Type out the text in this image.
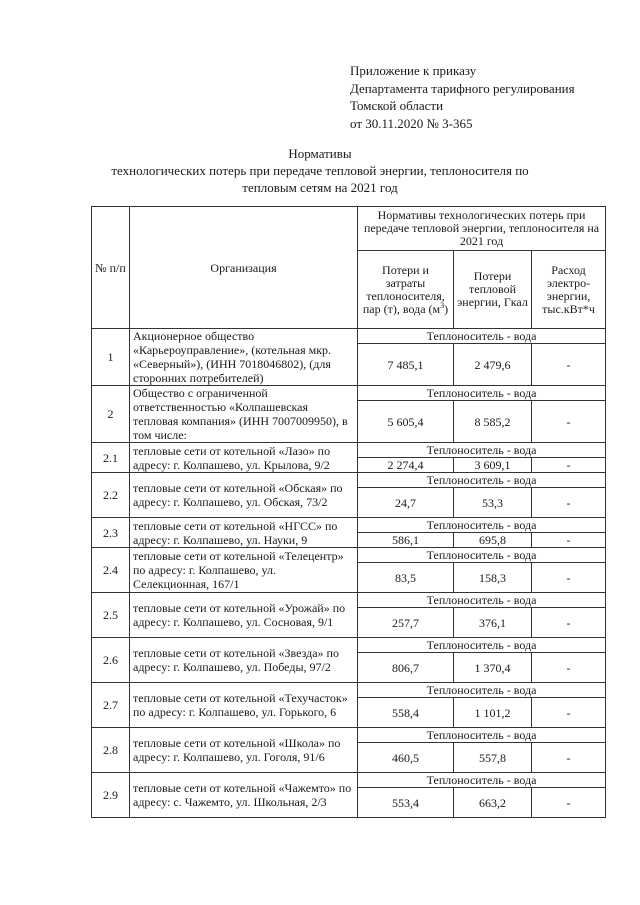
Приложение к приказу
Департамента тарифного регулирования
Томской области
от 30.11.2020 № 3-365
Нормативы
технологических потерь при передаче тепловой энергии, теплоносителя по
тепловым сетям на 2021 год
№ п/п	Организация	Нормативы технологических потерь при передаче тепловой энергии, теплоносителя на 2021 год		
		Потери и затраты теплоносителя, пар (т), вода $(м^3)$	Потери тепловой энергии, Гкал	Расход электро-энергии, тыс.кВт*ч
1	Акционерное общество «Карьероуправление», (котельная мкр. «Северный»), (ИНН 7018046802), (для сторонних потребителей)	Теплоноситель - вода		
		7 485,1	2 479,6	-
2	Общество с ограниченной ответственностью «Колпашевская тепловая компания» (ИНН 7007009950), в том числе:	Теплоноситель - вода		
		5 605,4	8 585,2	-
2.1	тепловые сети от котельной «Лазо» по адресу: г. Колпашево, ул. Крылова, 9/2	Теплоноситель - вода		
		2 274,4	3 609,1	-
2.2	тепловые сети от котельной «Обская» по адресу: г. Колпашево, ул. Обская, 73/2	Теплоноситель - вода		
		24,7	53,3	-
2.3	тепловые сети от котельной «НГСС» по адресу: г. Колпашево, ул. Науки, 9	Теплоноситель - вода		
		586,1	695,8	-
2.4	тепловые сети от котельной «Телецентр» по адресу: г. Колпашево, ул. Селекционная, 167/1	Теплоноситель - вода		
		83,5	158,3	-
2.5	тепловые сети от котельной «Урожай» по адресу: г. Колпашево, ул. Сосновая, 9/1	Теплоноситель - вода		
		257,7	376,1	-
2.6	тепловые сети от котельной «Звезда» по адресу: г. Колпашево, ул. Победы, 97/2	Теплоноситель - вода		
		806,7	1 370,4	-
2.7	тепловые сети от котельной «Техучасток» по адресу: г. Колпашево, ул. Горького, 6	Теплоноситель - вода		
		558,4	1 101,2	-
2.8	тепловые сети от котельной «Школа» по адресу: г. Колпашево, ул. Гоголя, 91/6	Теплоноситель - вода		
		460,5	557,8	-
2.9	тепловые сети от котельной «Чажемто» по адресу: с. Чажемто, ул. Школьная, 2/3	Теплоноситель - вода		
		553,4	663,2	-
